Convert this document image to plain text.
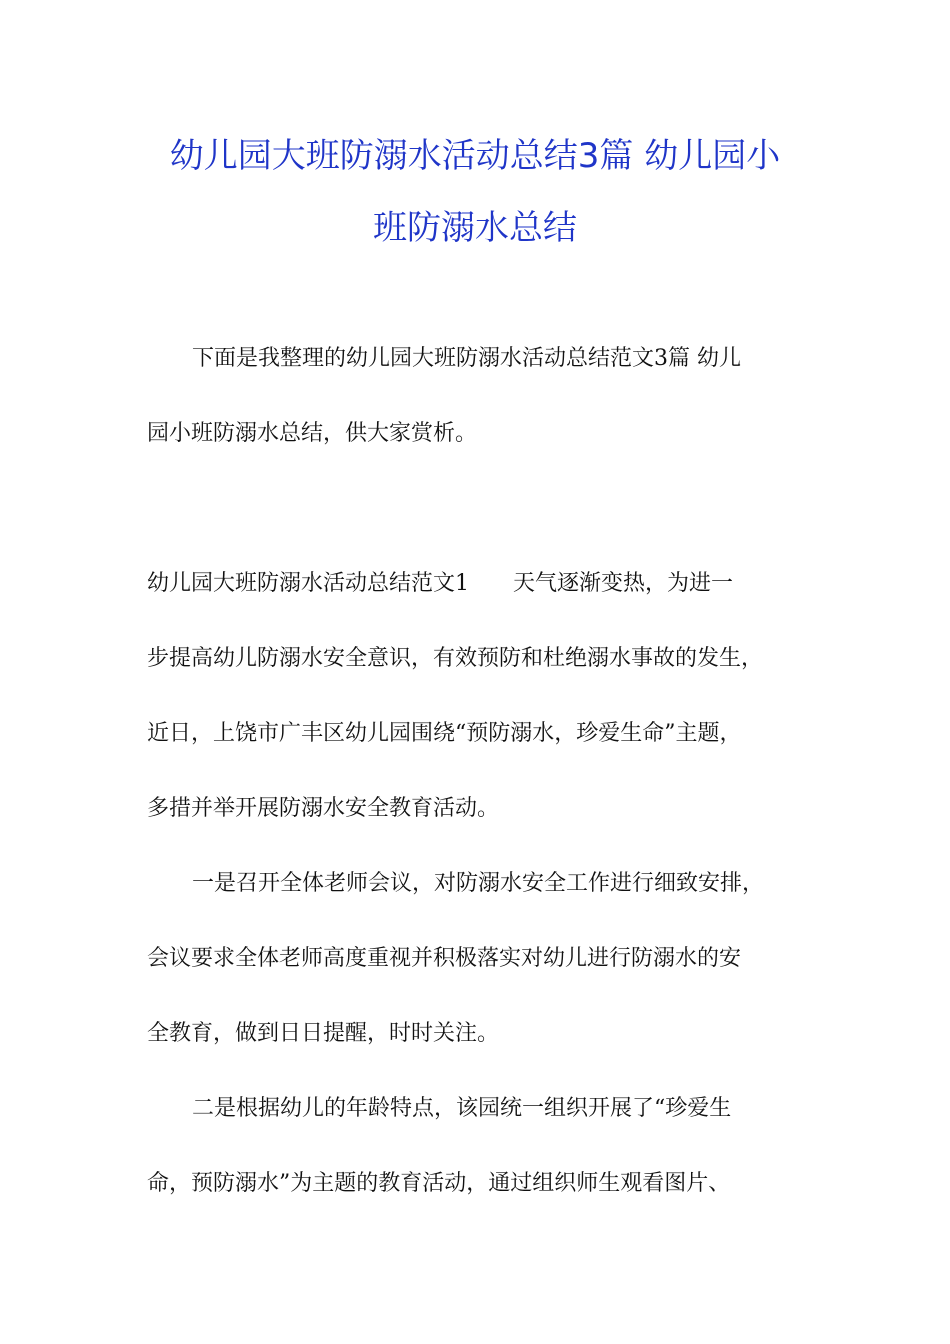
幼儿园大班防溺水活动总结3篇 幼儿园小
班防溺水总结
下面是我整理的幼儿园大班防溺水活动总结范文3篇 幼儿
园小班防溺水总结，供大家赏析。
幼儿园大班防溺水活动总结范文1　　天气逐渐变热，为进一
步提高幼儿防溺水安全意识，有效预防和杜绝溺水事故的发生，
近日，上饶市广丰区幼儿园围绕“预防溺水，珍爱生命”主题，
多措并举开展防溺水安全教育活动。
一是召开全体老师会议，对防溺水安全工作进行细致安排，
会议要求全体老师高度重视并积极落实对幼儿进行防溺水的安
全教育，做到日日提醒，时时关注。
二是根据幼儿的年龄特点，该园统一组织开展了“珍爱生
命，预防溺水”为主题的教育活动，通过组织师生观看图片、
